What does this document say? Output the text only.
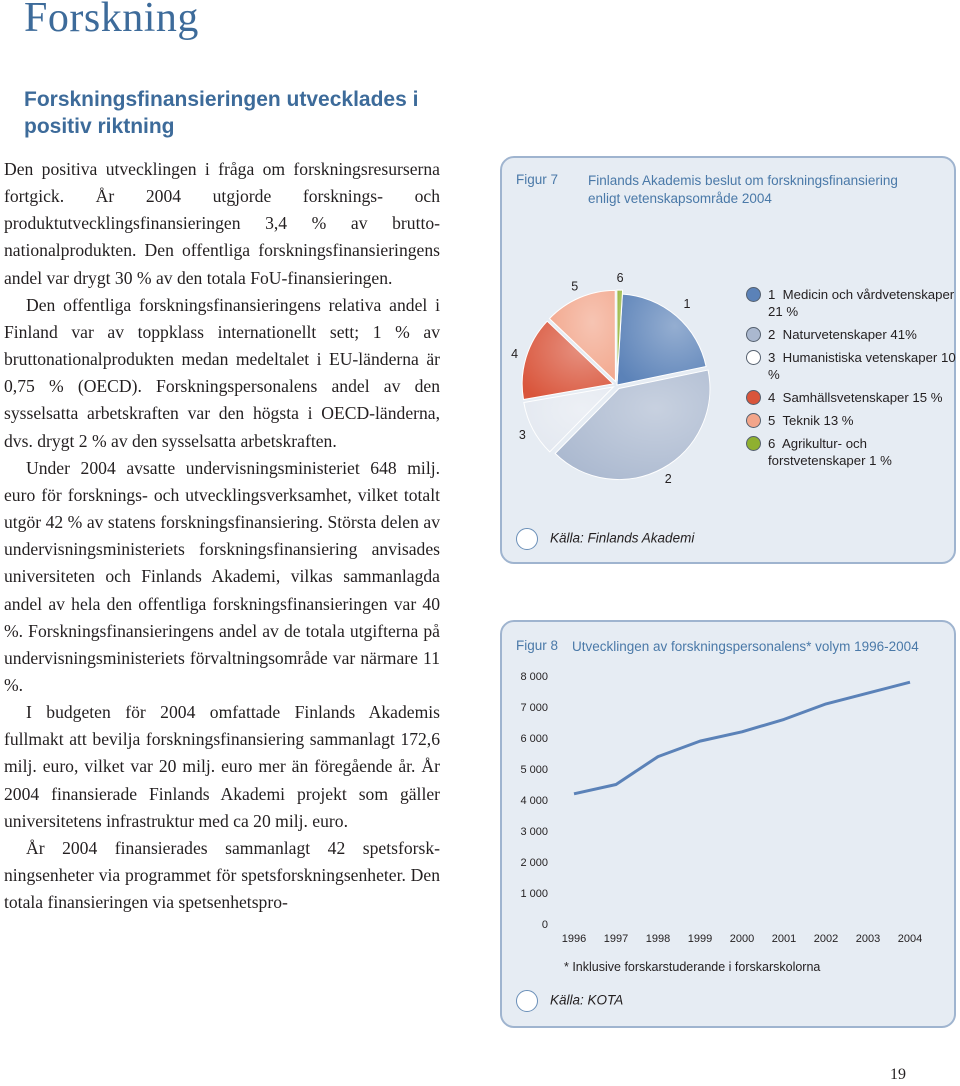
Forskning
Forskningsfinansieringen utvecklades i positiv riktning

Den positiva utvecklingen i fråga om forskningsresurserna fortgick. År 2004 utgjorde forsknings- och produktutvecklingsfinansieringen 3,4 % av bruttonationalprodukten. Den offentliga forskningsfinansieringens andel var drygt 30 % av den totala FoU-finansieringen.

Den offentliga forskningsfinansieringens relativa andel i Finland var av toppklass internationellt sett; 1 % av bruttonationalprodukten medan medeltalet i EU-länderna är 0,75 % (OECD). Forskningspersonalens andel av den sysselsatta arbetskraften var den högsta i OECD-länderna, dvs. drygt 2 % av den sysselsatta arbetskraften.

Under 2004 avsatte undervisningsministeriet 648 milj. euro för forsknings- och utvecklingsverksamhet, vilket totalt utgör 42 % av statens forskningsfinansiering. Största delen av undervisningsministeriets forskningsfinansiering anvisades universiteten och Finlands Akademi, vilkas sammanlagda andel av hela den offentliga forskningsfinansieringen var 40 %. Forskningsfinansieringens andel av de totala utgifterna på undervisningsministeriets förvaltningsområde var närmare 11 %.

I budgeten för 2004 omfattade Finlands Akademis fullmakt att bevilja forskningsfinansiering sammanlagt 172,6 milj. euro, vilket var 20 milj. euro mer än föregående år. År 2004 finansierade Finlands Akademi projekt som gäller universitetens infrastruktur med ca 20 milj. euro.

År 2004 finansierades sammanlagt 42 spetsforskningsenheter via programmet för spetsforskningsenheter. Den totala finansieringen via spetsenhetspro-

Figur 7 Finlands Akademis beslut om forskningsfinansiering enligt vetenskapsområde 2004
1
2
3
4
5
6
1 Medicin och vårdvetenskaper 21 %
2 Naturvetenskaper 41%
3 Humanistiska vetenskaper 10 %
4 Samhällsvetenskaper 15 %
5 Teknik 13 %
6 Agrikultur- och forstvetenskaper 1 %
Källa: Finlands Akademi
Figur 8 Utvecklingen av forskningspersonalens* volym 1996-2004
0
1 000
2 000
3 000
4 000
5 000
6 000
7 000
8 000
1996 1997 1998 1999 2000 2001 2002 2003 2004
* Inklusive forskarstuderande i forskarskolorna
Källa: KOTA
19
